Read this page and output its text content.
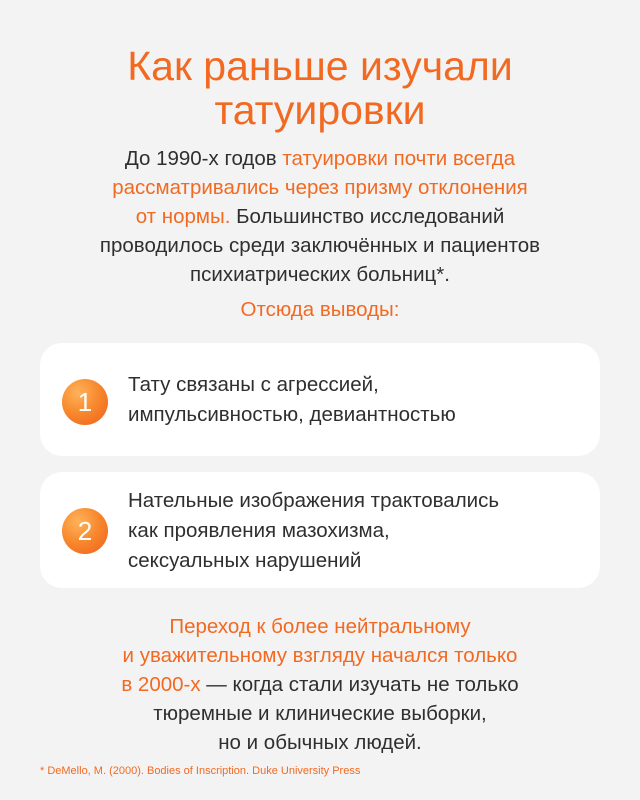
Как раньше изучали
татуировки

До 1990-х годов татуировки почти всегда
рассматривались через призму отклонения
от нормы. Большинство исследований
проводилось среди заключённых и пациентов
психиатрических больниц*.

Отсюда выводы:
1
Тату связаны с агрессией,
импульсивностью, девиантностью
2
Нательные изображения трактовались
как проявления мазохизма,
сексуальных нарушений

Переход к более нейтральному
и уважительному взгляду начался только
в 2000-х — когда стали изучать не только
тюремные и клинические выборки,
но и обычных людей.

* DeMello, M. (2000). Bodies of Inscription. Duke University Press
